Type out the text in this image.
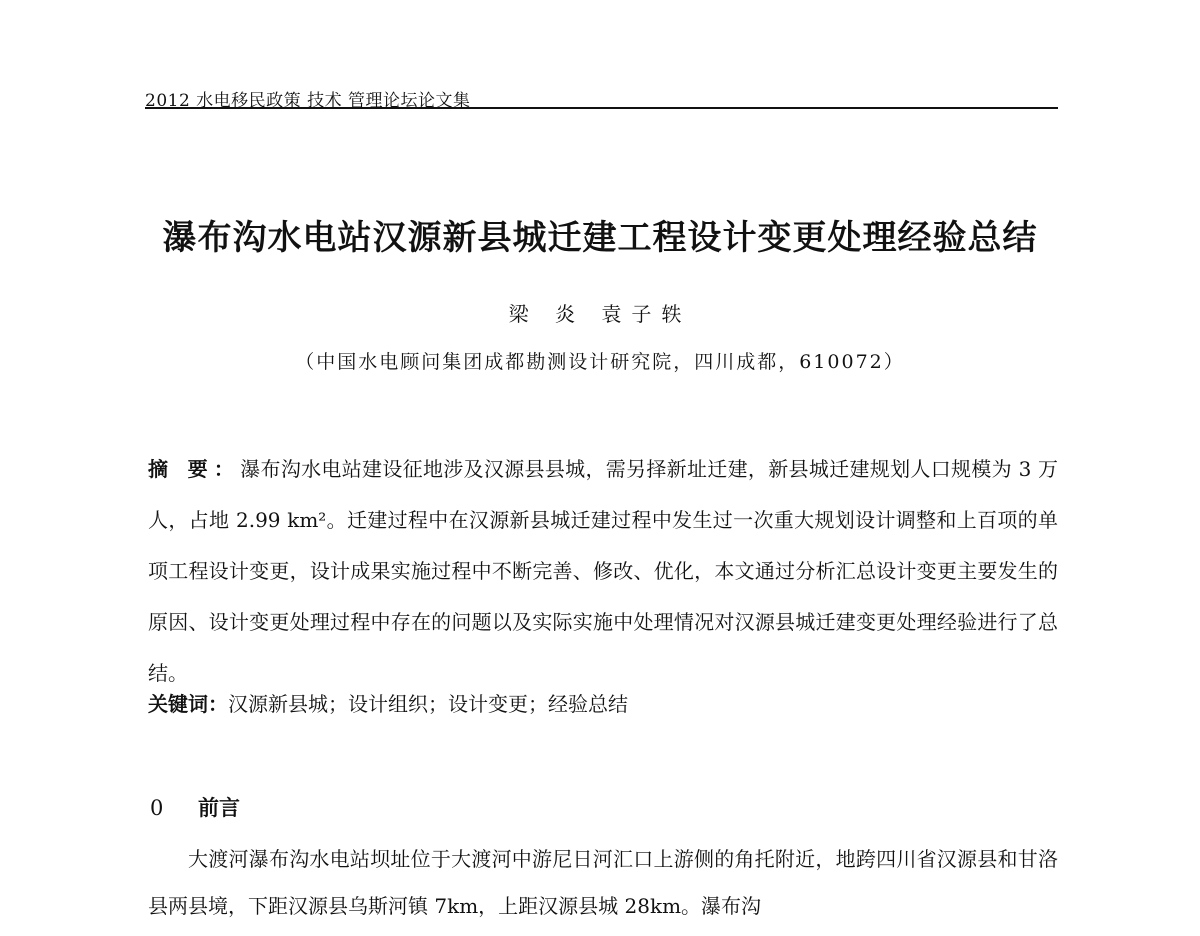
2012 水电移民政策 技术 管理论坛论文集
瀑布沟水电站汉源新县城迁建工程设计变更处理经验总结
梁 炎 袁子轶
（中国水电顾问集团成都勘测设计研究院，四川成都，610072）

摘 要：瀑布沟水电站建设征地涉及汉源县县城，需另择新址迁建，新县城迁建规划人口规模为 3 万人，占地 2.99 km²。迁建过程中在汉源新县城迁建过程中发生过一次重大规划设计调整和上百项的单项工程设计变更，设计成果实施过程中不断完善、修改、优化，本文通过分析汇总设计变更主要发生的原因、设计变更处理过程中存在的问题以及实际实施中处理情况对汉源县城迁建变更处理经验进行了总结。

关键词：汉源新县城；设计组织；设计变更；经验总结

0 前言

大渡河瀑布沟水电站坝址位于大渡河中游尼日河汇口上游侧的角托附近，地跨四川省汉源县和甘洛县两县境，下距汉源县乌斯河镇 7km，上距汉源县城 28km。瀑布沟
